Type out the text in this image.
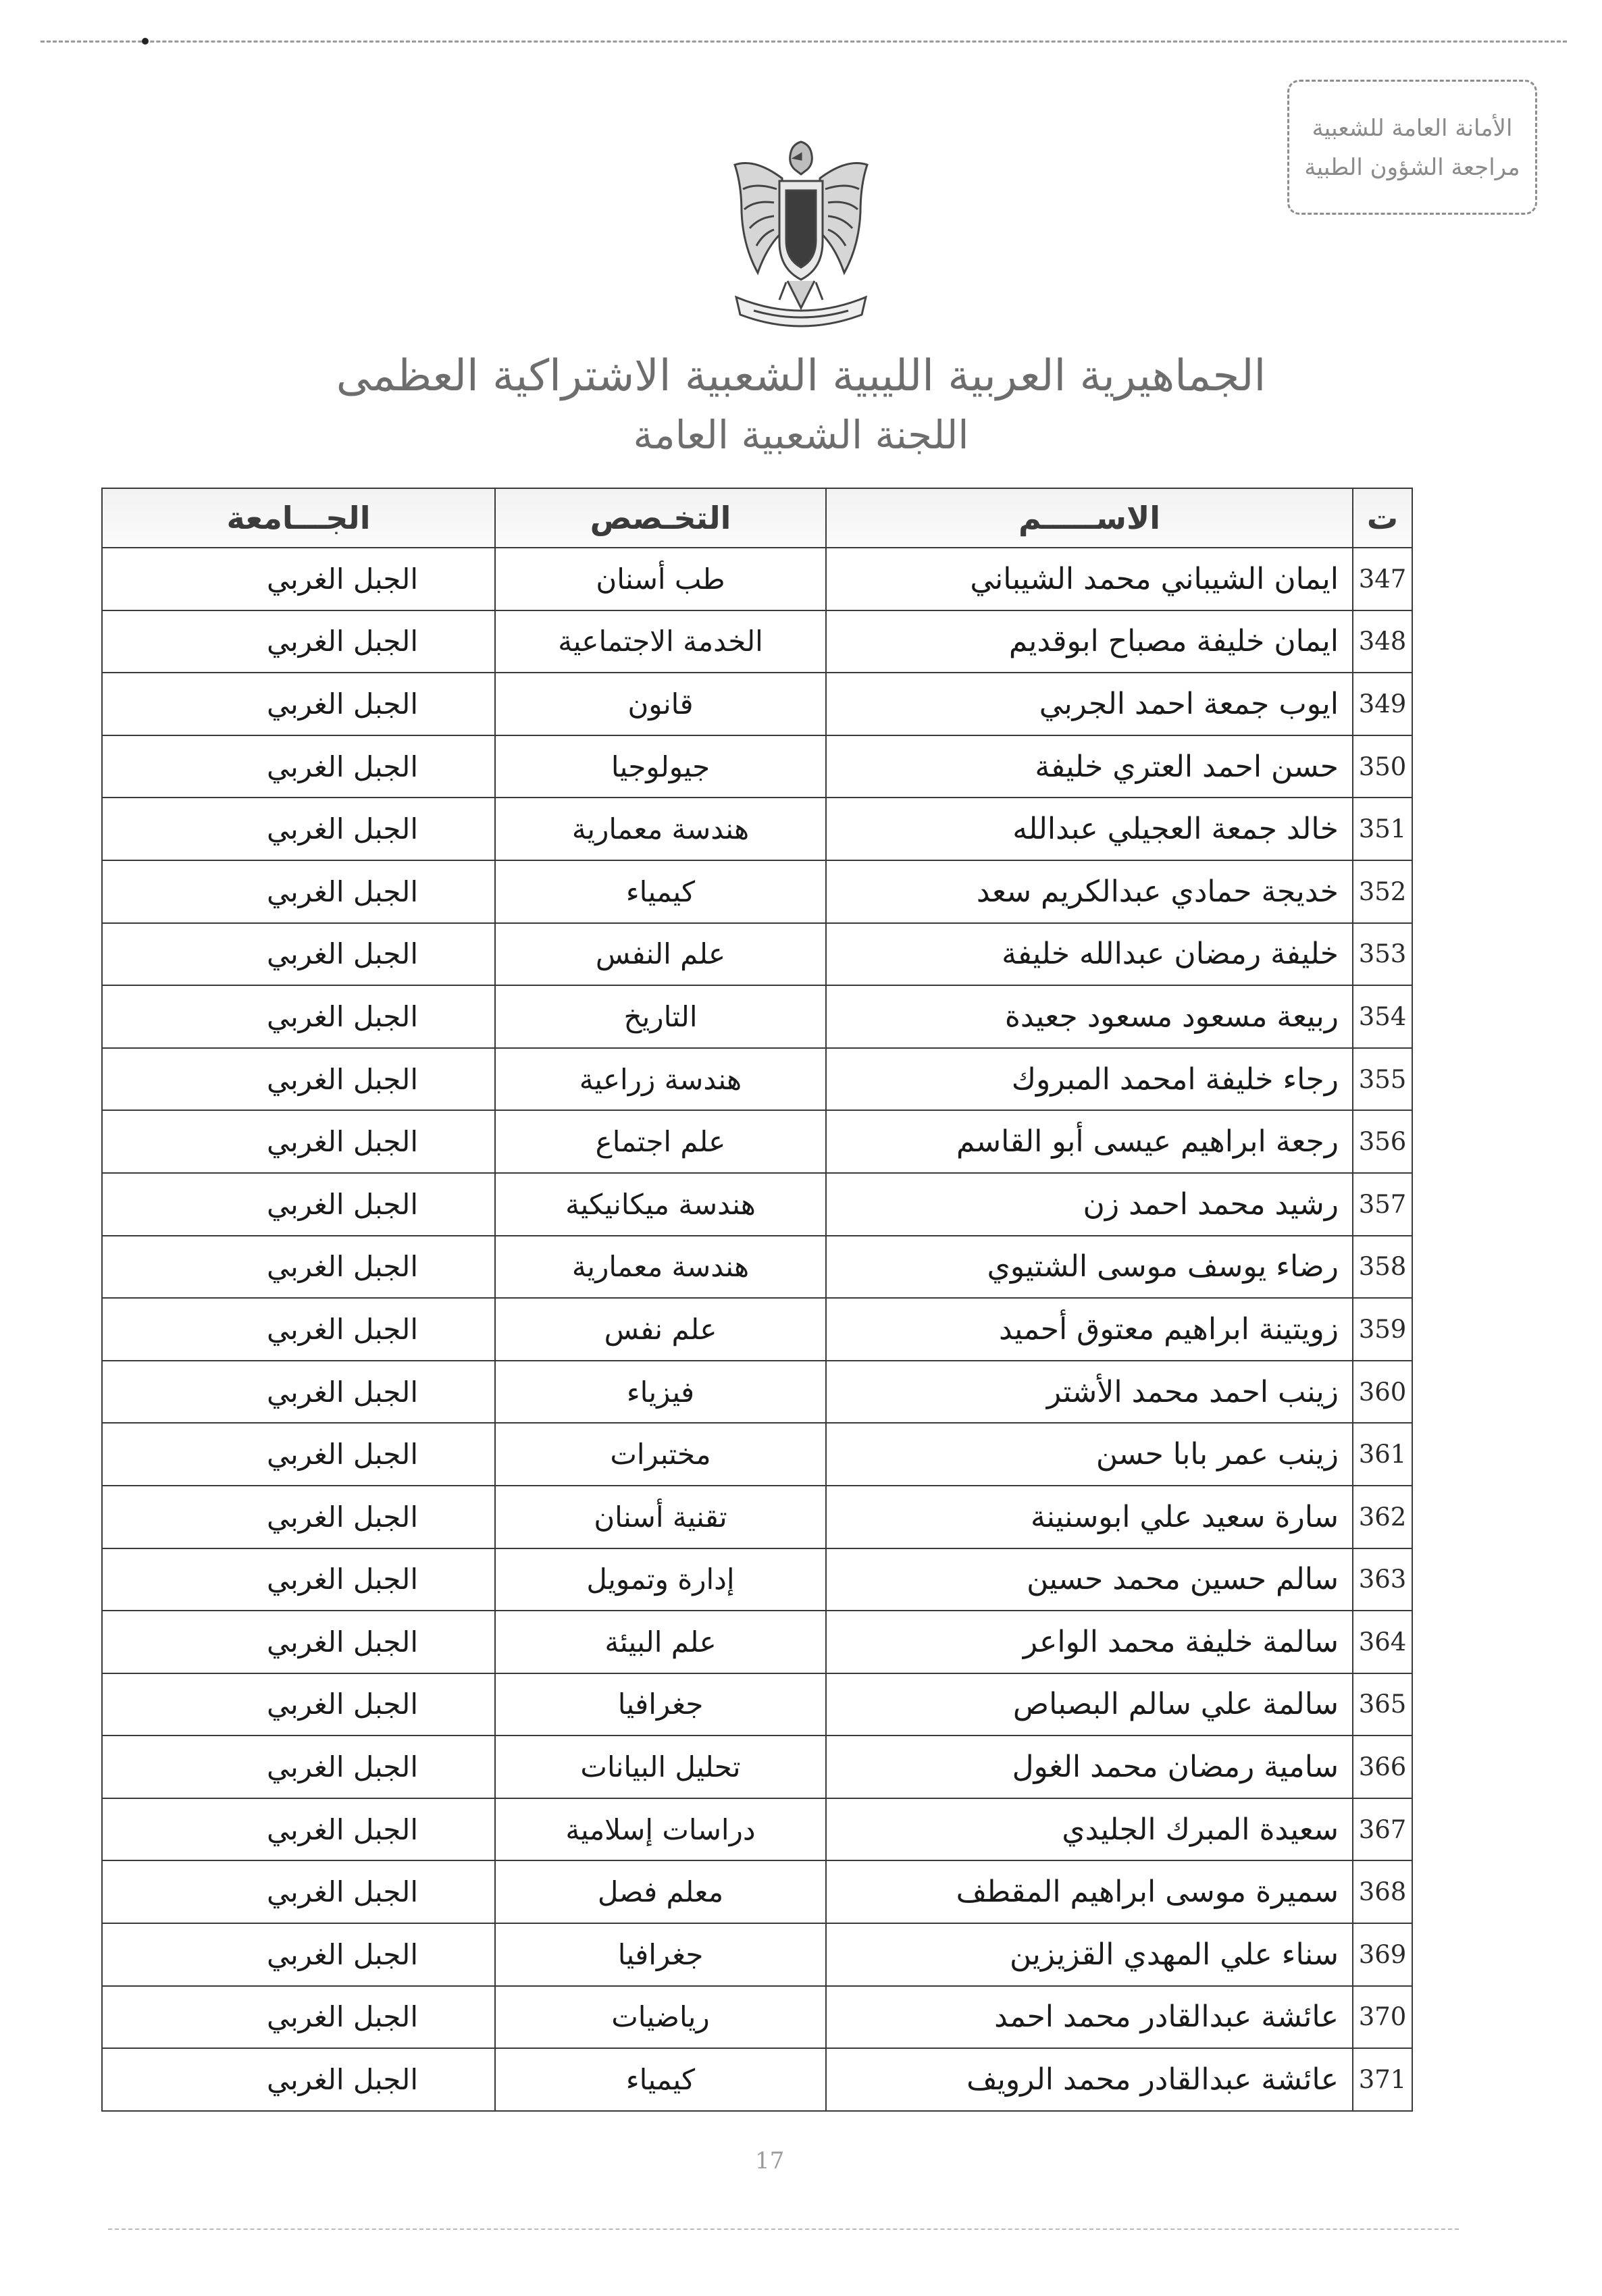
الأمانة العامة للشعبية
مراجعة الشؤون الطبية
الجماهيرية العربية الليبية الشعبية الاشتراكية العظمى
اللجنة الشعبية العامة
ت	الاســـــم	التخـصص	الجـــامعة
347	ايمان الشيباني محمد الشيباني	طب أسنان	الجبل الغربي
348	ايمان خليفة مصباح ابوقديم	الخدمة الاجتماعية	الجبل الغربي
349	ايوب جمعة احمد الجربي	قانون	الجبل الغربي
350	حسن احمد العتري خليفة	جيولوجيا	الجبل الغربي
351	خالد جمعة العجيلي عبدالله	هندسة معمارية	الجبل الغربي
352	خديجة حمادي عبدالكريم سعد	كيمياء	الجبل الغربي
353	خليفة رمضان عبدالله خليفة	علم النفس	الجبل الغربي
354	ربيعة مسعود مسعود جعيدة	التاريخ	الجبل الغربي
355	رجاء خليفة امحمد المبروك	هندسة زراعية	الجبل الغربي
356	رجعة ابراهيم عيسى أبو القاسم	علم اجتماع	الجبل الغربي
357	رشيد محمد احمد زن	هندسة ميكانيكية	الجبل الغربي
358	رضاء يوسف موسى الشتيوي	هندسة معمارية	الجبل الغربي
359	زويتينة ابراهيم معتوق أحميد	علم نفس	الجبل الغربي
360	زينب احمد محمد الأشتر	فيزياء	الجبل الغربي
361	زينب عمر بابا حسن	مختبرات	الجبل الغربي
362	سارة سعيد علي ابوسنينة	تقنية أسنان	الجبل الغربي
363	سالم حسين محمد حسين	إدارة وتمويل	الجبل الغربي
364	سالمة خليفة محمد الواعر	علم البيئة	الجبل الغربي
365	سالمة علي سالم البصباص	جغرافيا	الجبل الغربي
366	سامية رمضان محمد الغول	تحليل البيانات	الجبل الغربي
367	سعيدة المبرك الجليدي	دراسات إسلامية	الجبل الغربي
368	سميرة موسى ابراهيم المقطف	معلم فصل	الجبل الغربي
369	سناء علي المهدي القزيزين	جغرافيا	الجبل الغربي
370	عائشة عبدالقادر محمد احمد	رياضيات	الجبل الغربي
371	عائشة عبدالقادر محمد الرويف	كيمياء	الجبل الغربي
17
